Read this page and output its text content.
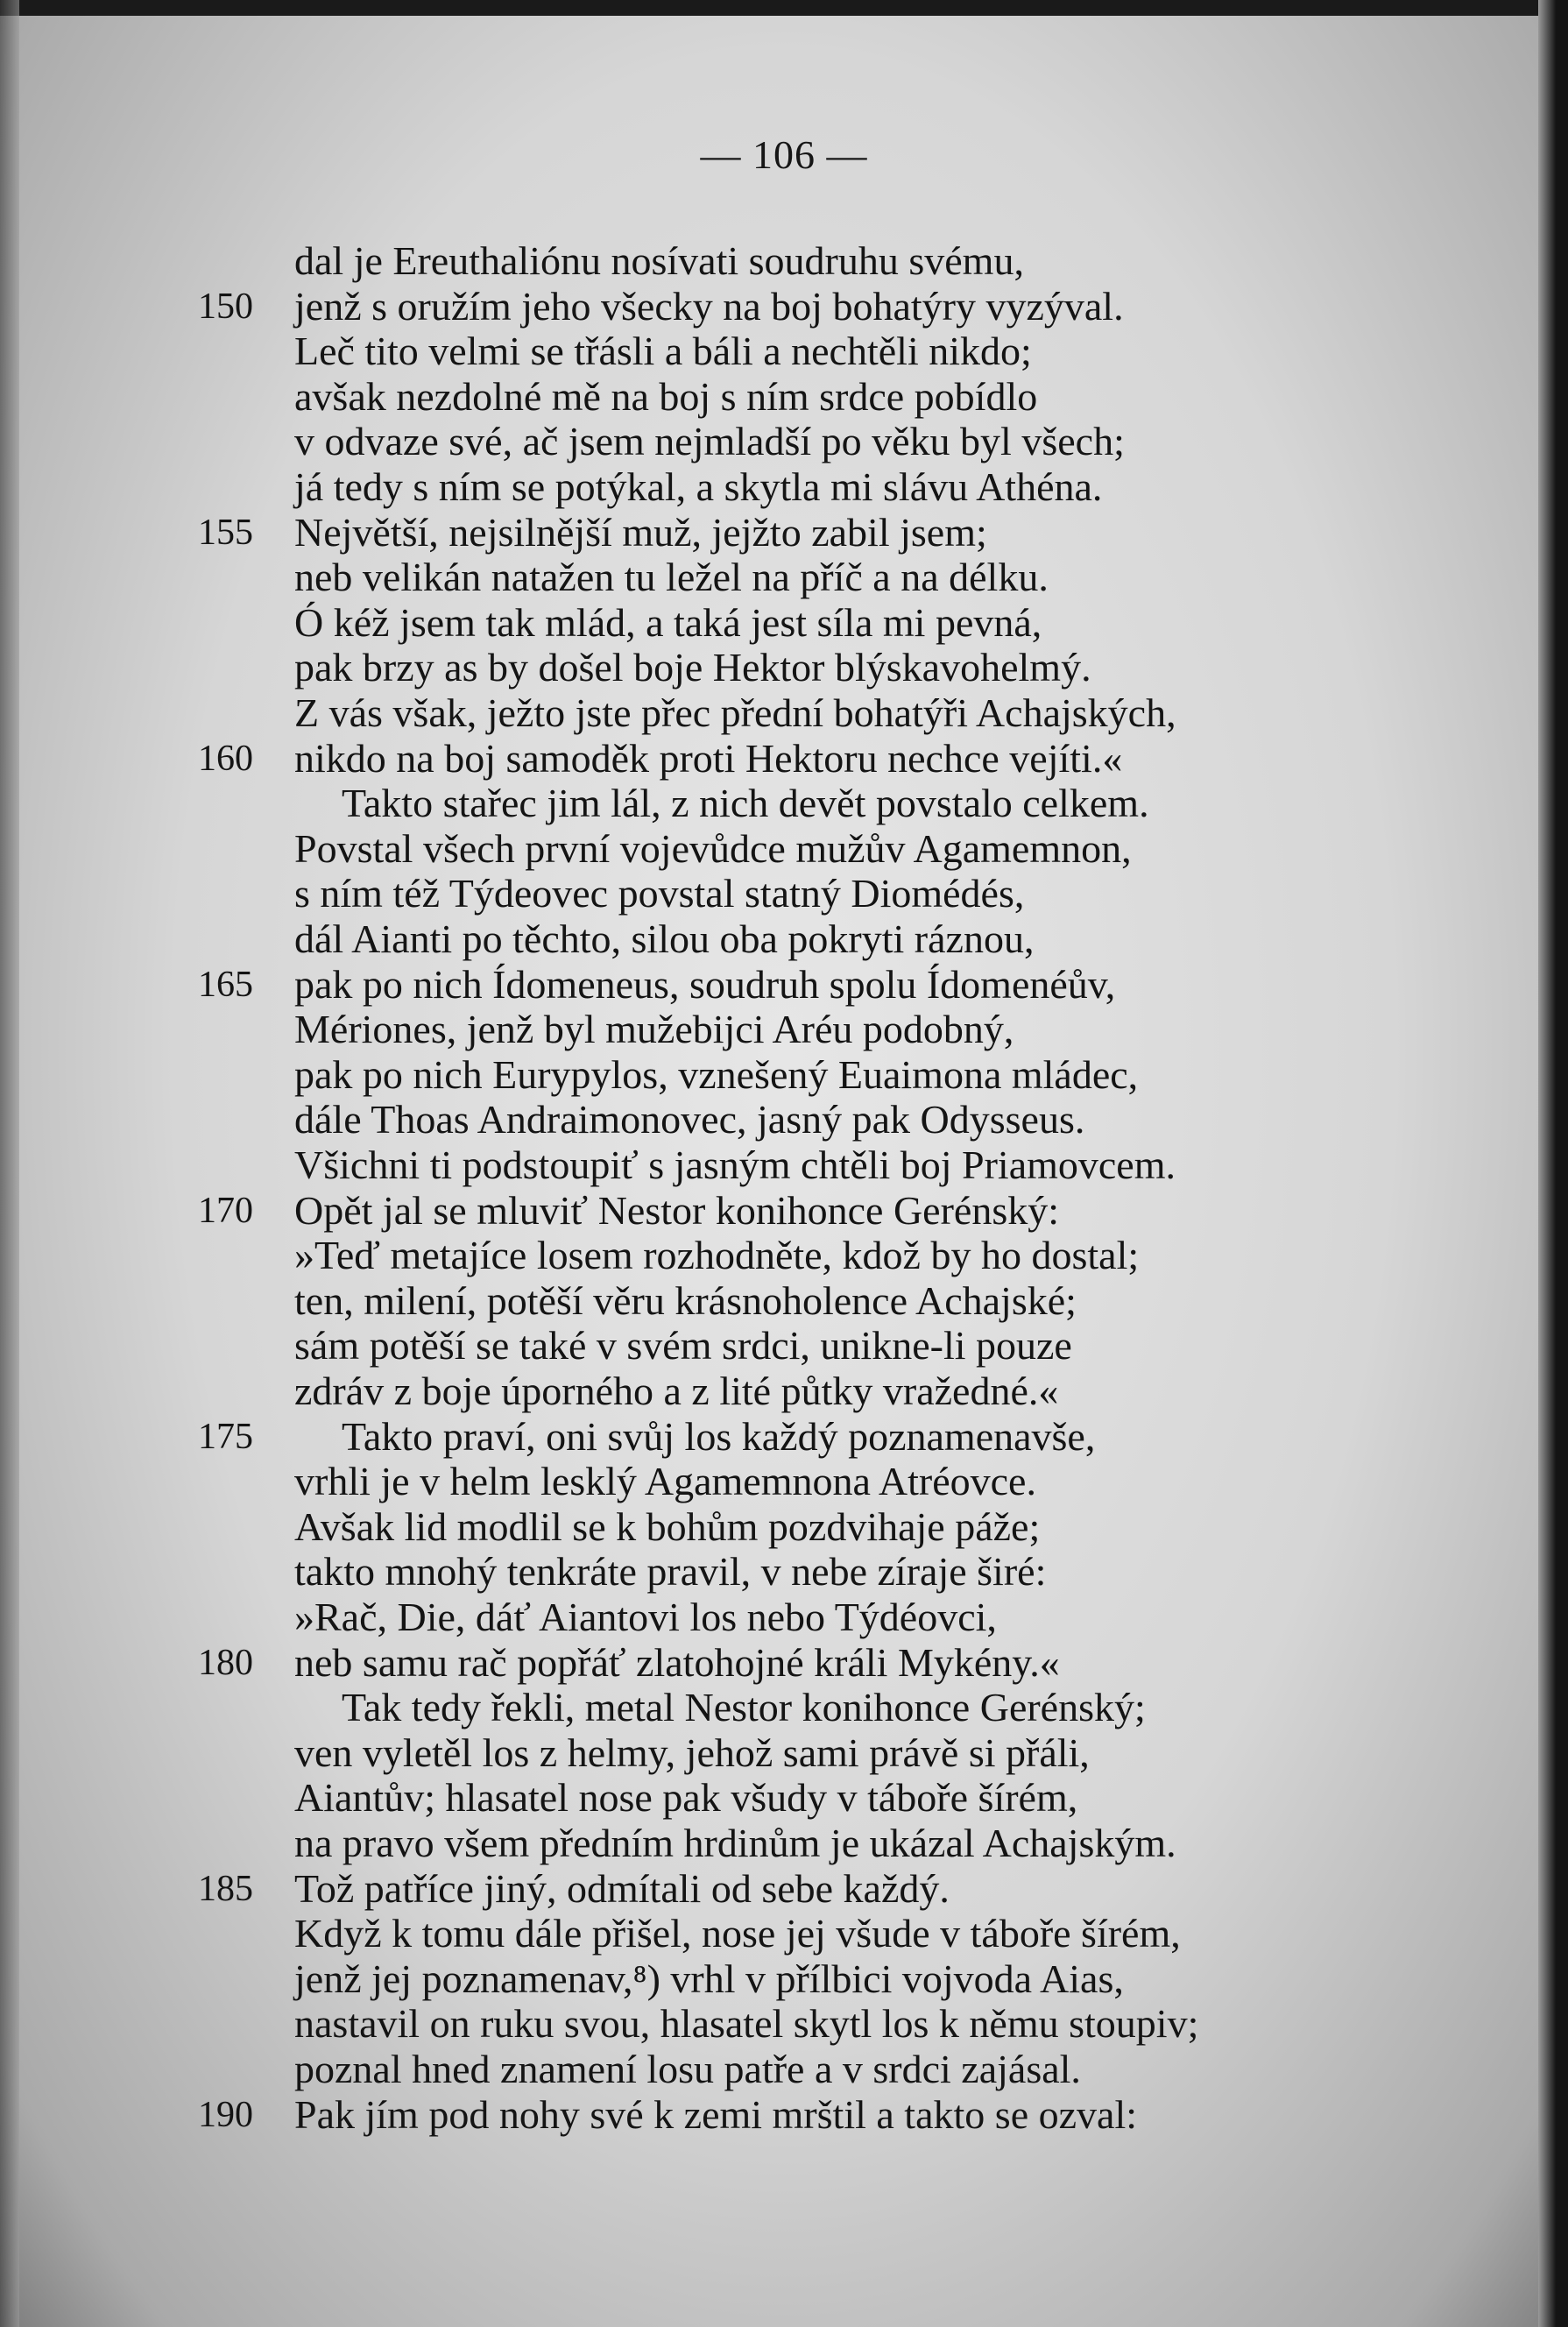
— 106 —
dal je Ereuthaliónu nosívati soudruhu svému,
150	jenž s oružím jeho všecky na boj bohatýry vyzýval.
Leč tito velmi se třásli a báli a nechtěli nikdo;
avšak nezdolné mě na boj s ním srdce pobídlo
v odvaze své, ač jsem nejmladší po věku byl všech;
já tedy s ním se potýkal, a skytla mi slávu Athéna.
155	Největší, nejsilnější muž, jejžto zabil jsem;
neb velikán natažen tu ležel na příč a na délku.
Ó kéž jsem tak mlád, a taká jest síla mi pevná,
pak brzy as by došel boje Hektor blýskavohelmý.
Z vás však, ježto jste přec přední bohatýři Achajských,
160	nikdo na boj samoděk proti Hektoru nechce vejíti.«
Takto stařec jim lál, z nich devět povstalo celkem.
Povstal všech první vojevůdce mužův Agamemnon,
s ním též Týdeovec povstal statný Diomédés,
dál Aianti po těchto, silou oba pokryti ráznou,
165	pak po nich Ídomeneus, soudruh spolu Ídomenéův,
Mériones, jenž byl mužebijci Aréu podobný,
pak po nich Eurypylos, vznešený Euaimona mládec,
dále Thoas Andraimonovec, jasný pak Odysseus.
Všichni ti podstoupiť s jasným chtěli boj Priamovcem.
170	Opět jal se mluviť Nestor konihonce Gerénský:
»Teď metajíce losem rozhodněte, kdož by ho dostal;
ten, milení, potěší věru krásnoholence Achajské;
sám potěší se také v svém srdci, unikne-li pouze
zdráv z boje úporného a z lité půtky vražedné.«
175	Takto praví, oni svůj los každý poznamenavše,
vrhli je v helm lesklý Agamemnona Atréovce.
Avšak lid modlil se k bohům pozdvihaje páže;
takto mnohý tenkráte pravil, v nebe zíraje širé:
»Rač, Die, dáť Aiantovi los nebo Týdéovci,
180	neb samu rač popřáť zlatohojné králi Mykény.«
Tak tedy řekli, metal Nestor konihonce Gerénský;
ven vyletěl los z helmy, jehož sami právě si přáli,
Aiantův; hlasatel nose pak všudy v táboře šírém,
na pravo všem předním hrdinům je ukázal Achajským.
185	Tož patříce jiný, odmítali od sebe každý.
Když k tomu dále přišel, nose jej všude v táboře šírém,
jenž jej poznamenav,⁸) vrhl v přílbici vojvoda Aias,
nastavil on ruku svou, hlasatel skytl los k němu stoupiv;
poznal hned znamení losu patře a v srdci zajásal.
190	Pak jím pod nohy své k zemi mrštil a takto se ozval:
